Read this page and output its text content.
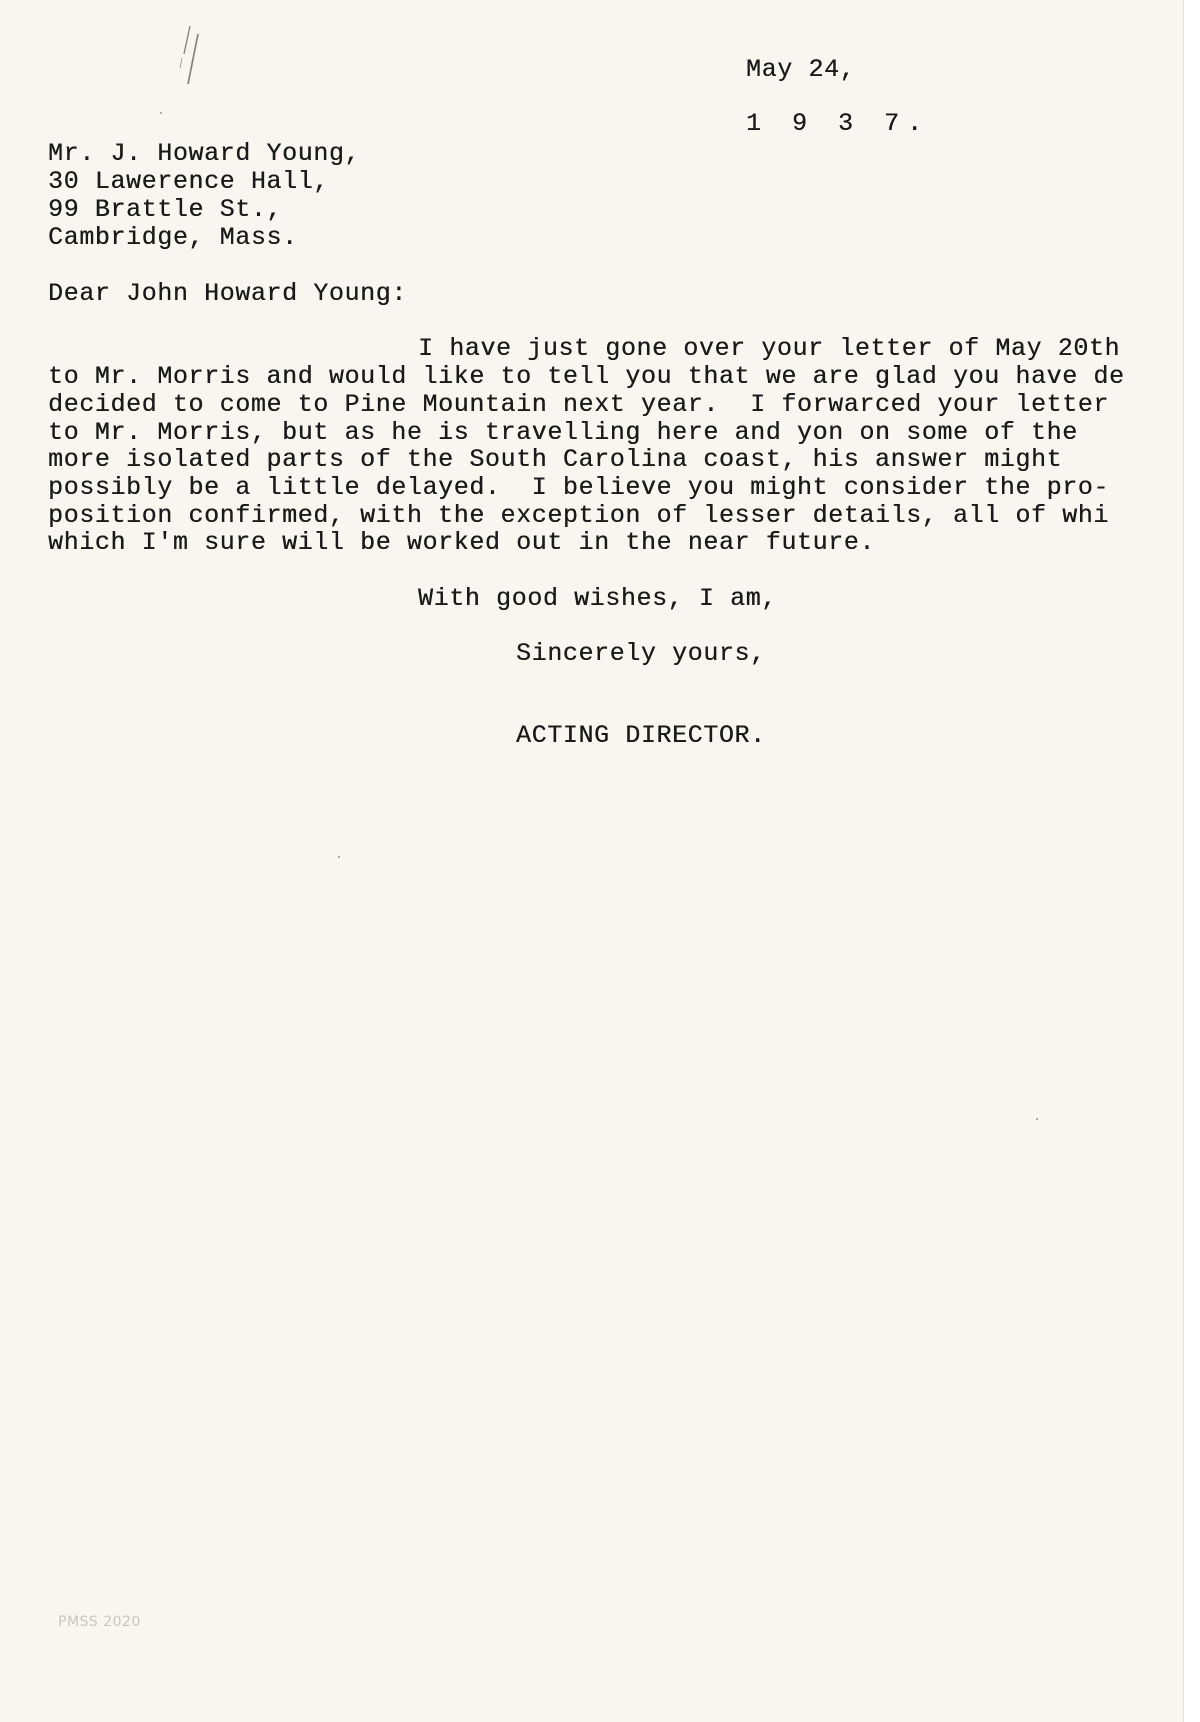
May 24,
1 9 3 7.
Mr. J. Howard Young,
30 Lawerence Hall,
99 Brattle St.,
Cambridge, Mass.
Dear John Howard Young:
I have just gone over your letter of May 20th
to Mr. Morris and would like to tell you that we are glad you have de
decided to come to Pine Mountain next year.  I forwarced your letter
to Mr. Morris, but as he is travelling here and yon on some of the
more isolated parts of the South Carolina coast, his answer might
possibly be a little delayed.  I believe you might consider the pro-
position confirmed, with the exception of lesser details, all of whi
which I'm sure will be worked out in the near future.
With good wishes, I am,
Sincerely yours,
ACTING DIRECTOR.
PMSS 2020
